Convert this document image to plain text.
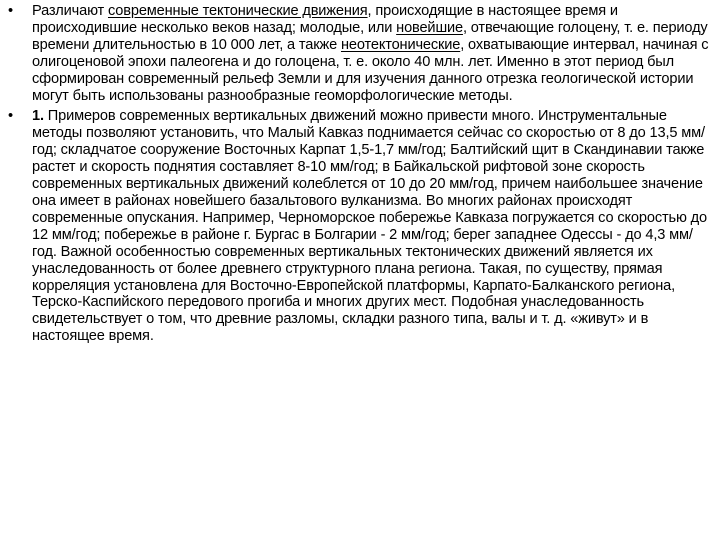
•	Различают современные тектонические движения, происходящие в настоящее время и происходившие несколько веков назад; молодые, или новейшие, отвечающие голоцену, т. е. периоду времени длительностью в 10 000 лет, а также неотектонические, охватывающие интервал, начиная с олигоценовой эпохи палеогена и до голоцена, т. е. около 40 млн. лет. Именно в этот период был сформирован современный рельеф Земли и для изучения данного отрезка геологической истории могут быть использованы разнообразные геоморфологические методы.
•	1. Примеров современных вертикальных движений можно привести много. Инструментальные методы позволяют установить, что Малый Кавказ поднимается сейчас со скоростью от 8 до 13,5 мм/год; складчатое сооружение Восточных Карпат 1,5-1,7 мм/год; Балтийский щит в Скандинавии также растет и скорость поднятия составляет 8-10 мм/год; в Байкальской рифтовой зоне скорость современных вертикальных движений колеблется от 10 до 20 мм/год, причем наибольшее значение она имеет в районах новейшего базальтового вулканизма. Во многих районах происходят современные опускания. Например, Черноморское побережье Кавказа погружается со скоростью до 12 мм/год; побережье в районе г. Бургас в Болгарии - 2 мм/год; берег западнее Одессы - до 4,3 мм/год. Важной особенностью современных вертикальных тектонических движений является их унаследованность от более древнего структурного плана региона. Такая, по существу, прямая корреляция установлена для Восточно-Европейской платформы, Карпато-Балканского региона, Терско-Каспийского передового прогиба и многих других мест. Подобная унаследованность свидетельствует о том, что древние разломы, складки разного типа, валы и т. д. «живут» и в настоящее время.
